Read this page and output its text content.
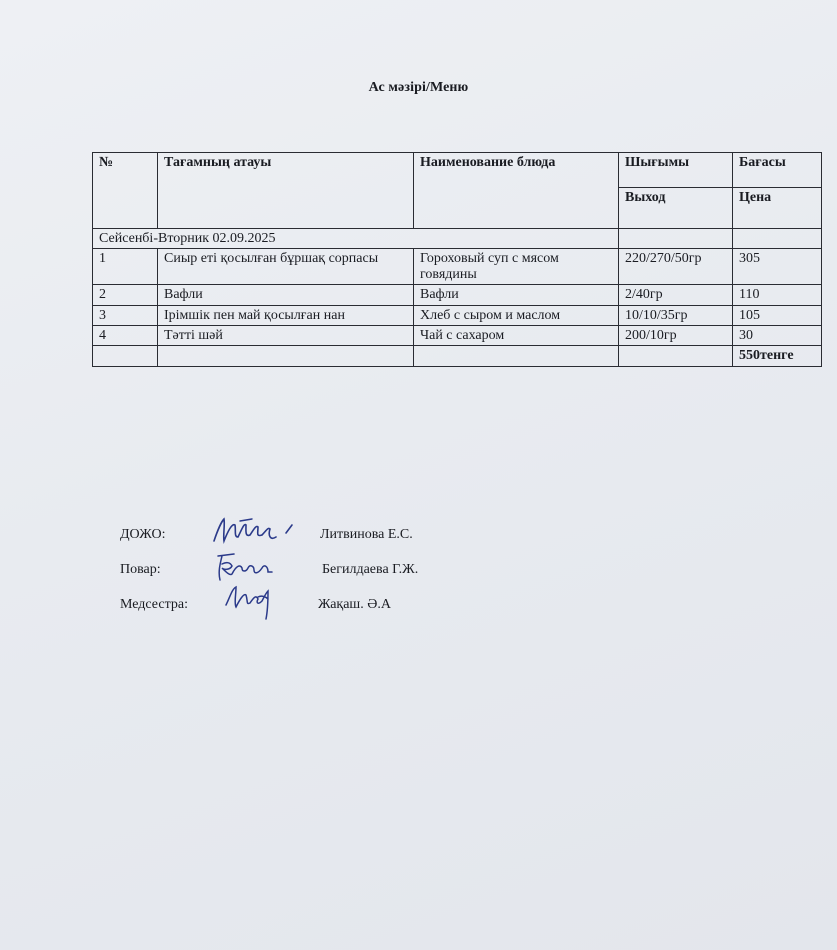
Ас мәзірі/Меню
№	Тағамның атауы	Наименование блюда	Шығымы	Бағасы
			Выход	Цена
Сейсенбі-Вторник 02.09.2025				
1	Сиыр еті қосылған бұршақ сорпасы	Гороховый суп с мясом говядины	220/270/50гр	305
2	Вафли	Вафли	2/40гр	110
3	Ірімшік пен май қосылған нан	Хлеб с сыром и маслом	10/10/35гр	105
4	Тәтті шәй	Чай с сахаром	200/10гр	30
				550тенге
ДОЖО:	Литвинова Е.С.
Повар:	Бегилдаева Г.Ж.
Медсестра:	Жақаш. Ә.А
